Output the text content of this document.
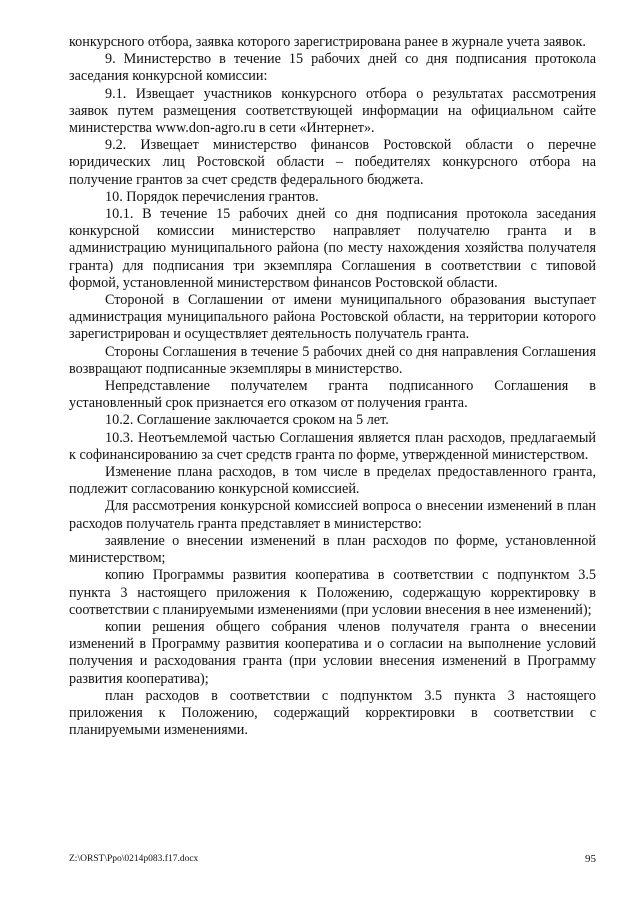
конкурсного отбора, заявка которого зарегистрирована ранее в журнале учета заявок.

9. Министерство в течение 15 рабочих дней со дня подписания протокола заседания конкурсной комиссии:

9.1. Извещает участников конкурсного отбора о результатах рассмотрения заявок путем размещения соответствующей информации на официальном сайте министерства www.don-agro.ru в сети «Интернет».

9.2. Извещает министерство финансов Ростовской области о перечне юридических лиц Ростовской области – победителях конкурсного отбора на получение грантов за счет средств федерального бюджета.

10. Порядок перечисления грантов.

10.1. В течение 15 рабочих дней со дня подписания протокола заседания конкурсной комиссии министерство направляет получателю гранта и в администрацию муниципального района (по месту нахождения хозяйства получателя гранта) для подписания три экземпляра Соглашения в соответствии с типовой формой, установленной министерством финансов Ростовской области.

Стороной в Соглашении от имени муниципального образования выступает администрация муниципального района Ростовской области, на территории которого зарегистрирован и осуществляет деятельность получатель гранта.

Стороны Соглашения в течение 5 рабочих дней со дня направления Соглашения возвращают подписанные экземпляры в министерство.

Непредставление получателем гранта подписанного Соглашения в установленный срок признается его отказом от получения гранта.

10.2. Соглашение заключается сроком на 5 лет.

10.3. Неотъемлемой частью Соглашения является план расходов, предлагаемый к софинансированию за счет средств гранта по форме, утвержденной министерством.

Изменение плана расходов, в том числе в пределах предоставленного гранта, подлежит согласованию конкурсной комиссией.

Для рассмотрения конкурсной комиссией вопроса о внесении изменений в план расходов получатель гранта представляет в министерство:

заявление о внесении изменений в план расходов по форме, установленной министерством;

копию Программы развития кооператива в соответствии с подпунктом 3.5 пункта 3 настоящего приложения к Положению, содержащую корректировку в соответствии с планируемыми изменениями (при условии внесения в нее изменений);

копии решения общего собрания членов получателя гранта о внесении изменений в Программу развития кооператива и о согласии на выполнение условий получения и расходования гранта (при условии внесения изменений в Программу развития кооператива);

план расходов в соответствии с подпунктом 3.5 пункта 3 настоящего приложения к Положению, содержащий корректировки в соответствии с планируемыми изменениями.

Z:\ORST\Ppo\0214p083.f17.docx	95
